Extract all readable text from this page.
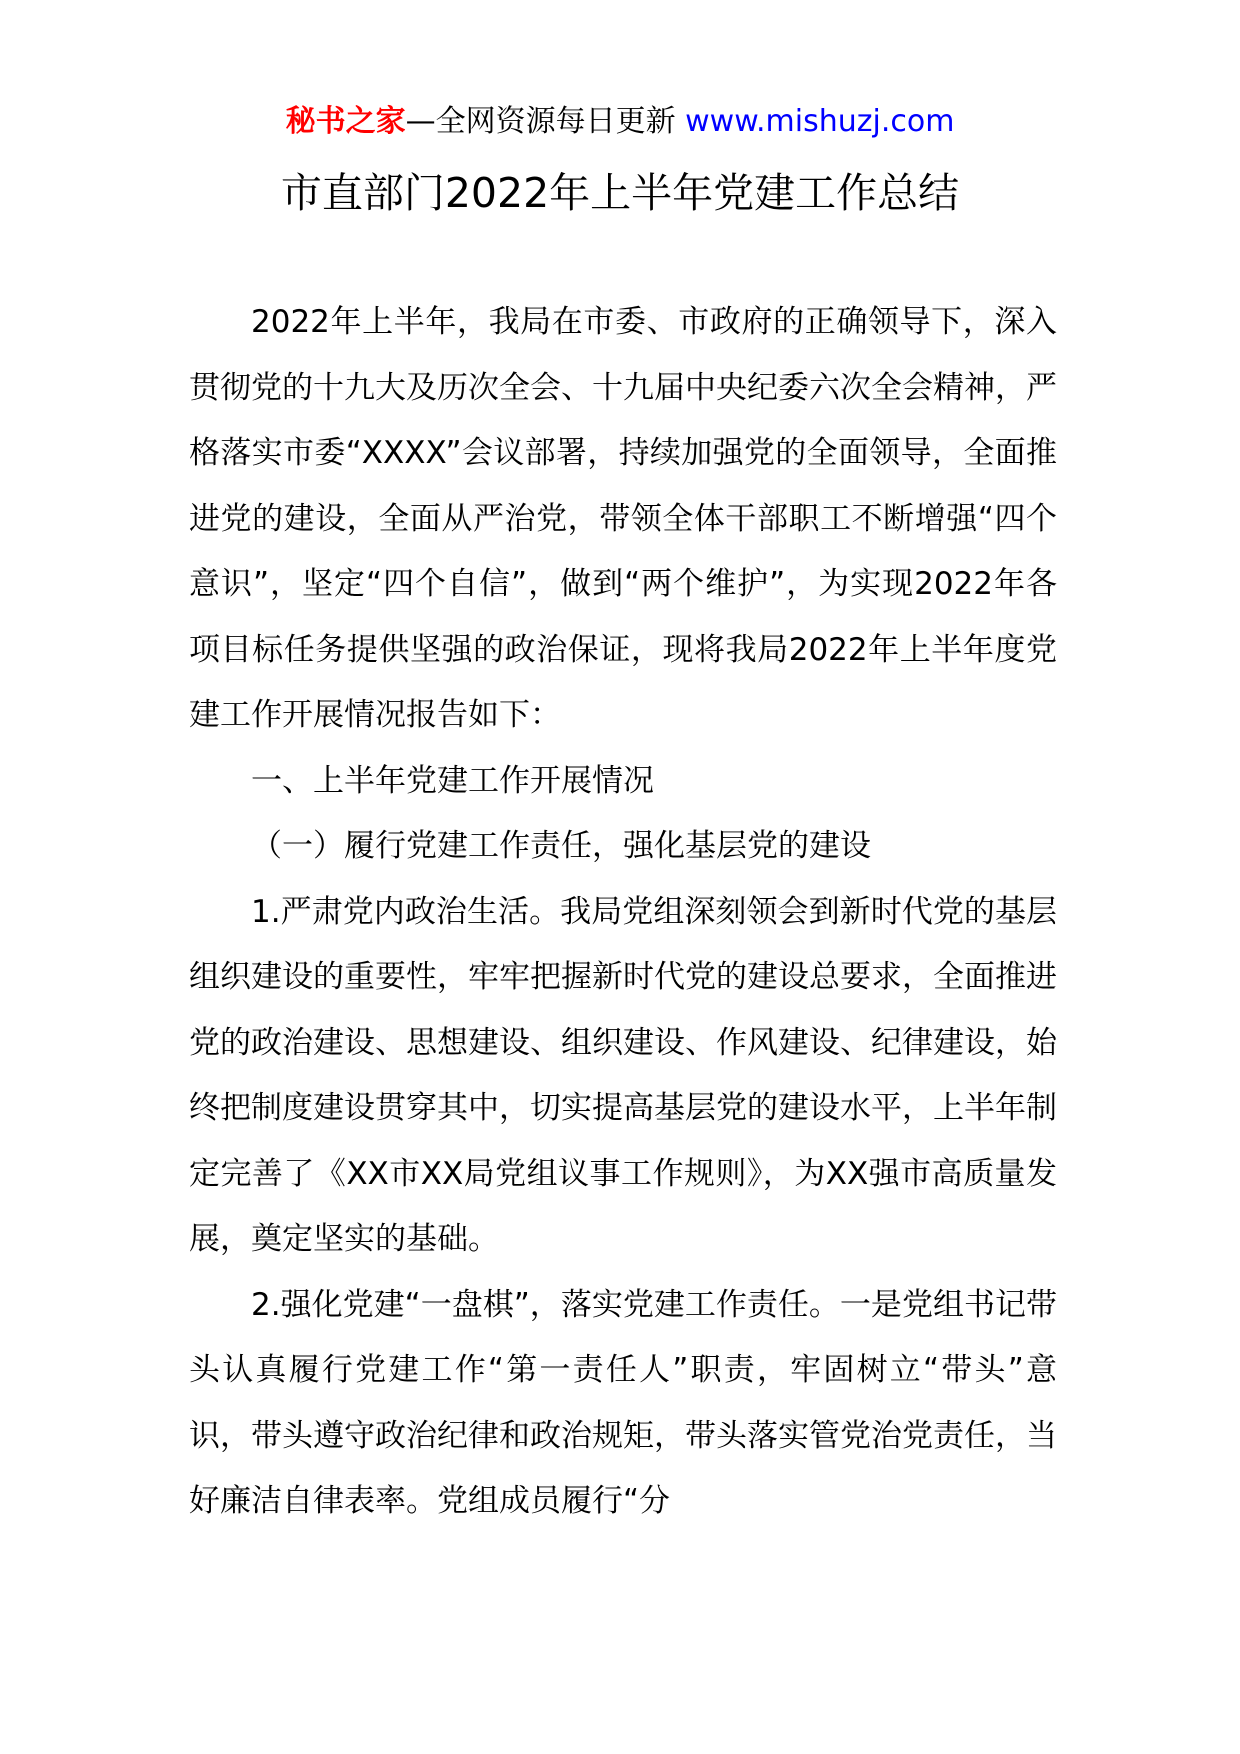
秘书之家—全网资源每日更新 www.mishuzj.com
市直部门2022年上半年党建工作总结

2022年上半年，我局在市委、市政府的正确领导下，深入贯彻党的十九大及历次全会、十九届中央纪委六次全会精神，严格落实市委“XXXX”会议部署，持续加强党的全面领导，全面推进党的建设，全面从严治党，带领全体干部职工不断增强“四个意识”，坚定“四个自信”，做到“两个维护”，为实现2022年各项目标任务提供坚强的政治保证，现将我局2022年上半年度党建工作开展情况报告如下：

一、上半年党建工作开展情况

（一）履行党建工作责任，强化基层党的建设

1.严肃党内政治生活。我局党组深刻领会到新时代党的基层组织建设的重要性，牢牢把握新时代党的建设总要求，全面推进党的政治建设、思想建设、组织建设、作风建设、纪律建设，始终把制度建设贯穿其中，切实提高基层党的建设水平，上半年制定完善了《XX市XX局党组议事工作规则》，为XX强市高质量发展，奠定坚实的基础。

2.强化党建“一盘棋”，落实党建工作责任。一是党组书记带头认真履行党建工作“第一责任人”职责，牢固树立“带头”意识，带头遵守政治纪律和政治规矩，带头落实管党治党责任，当好廉洁自律表率。党组成员履行“分
